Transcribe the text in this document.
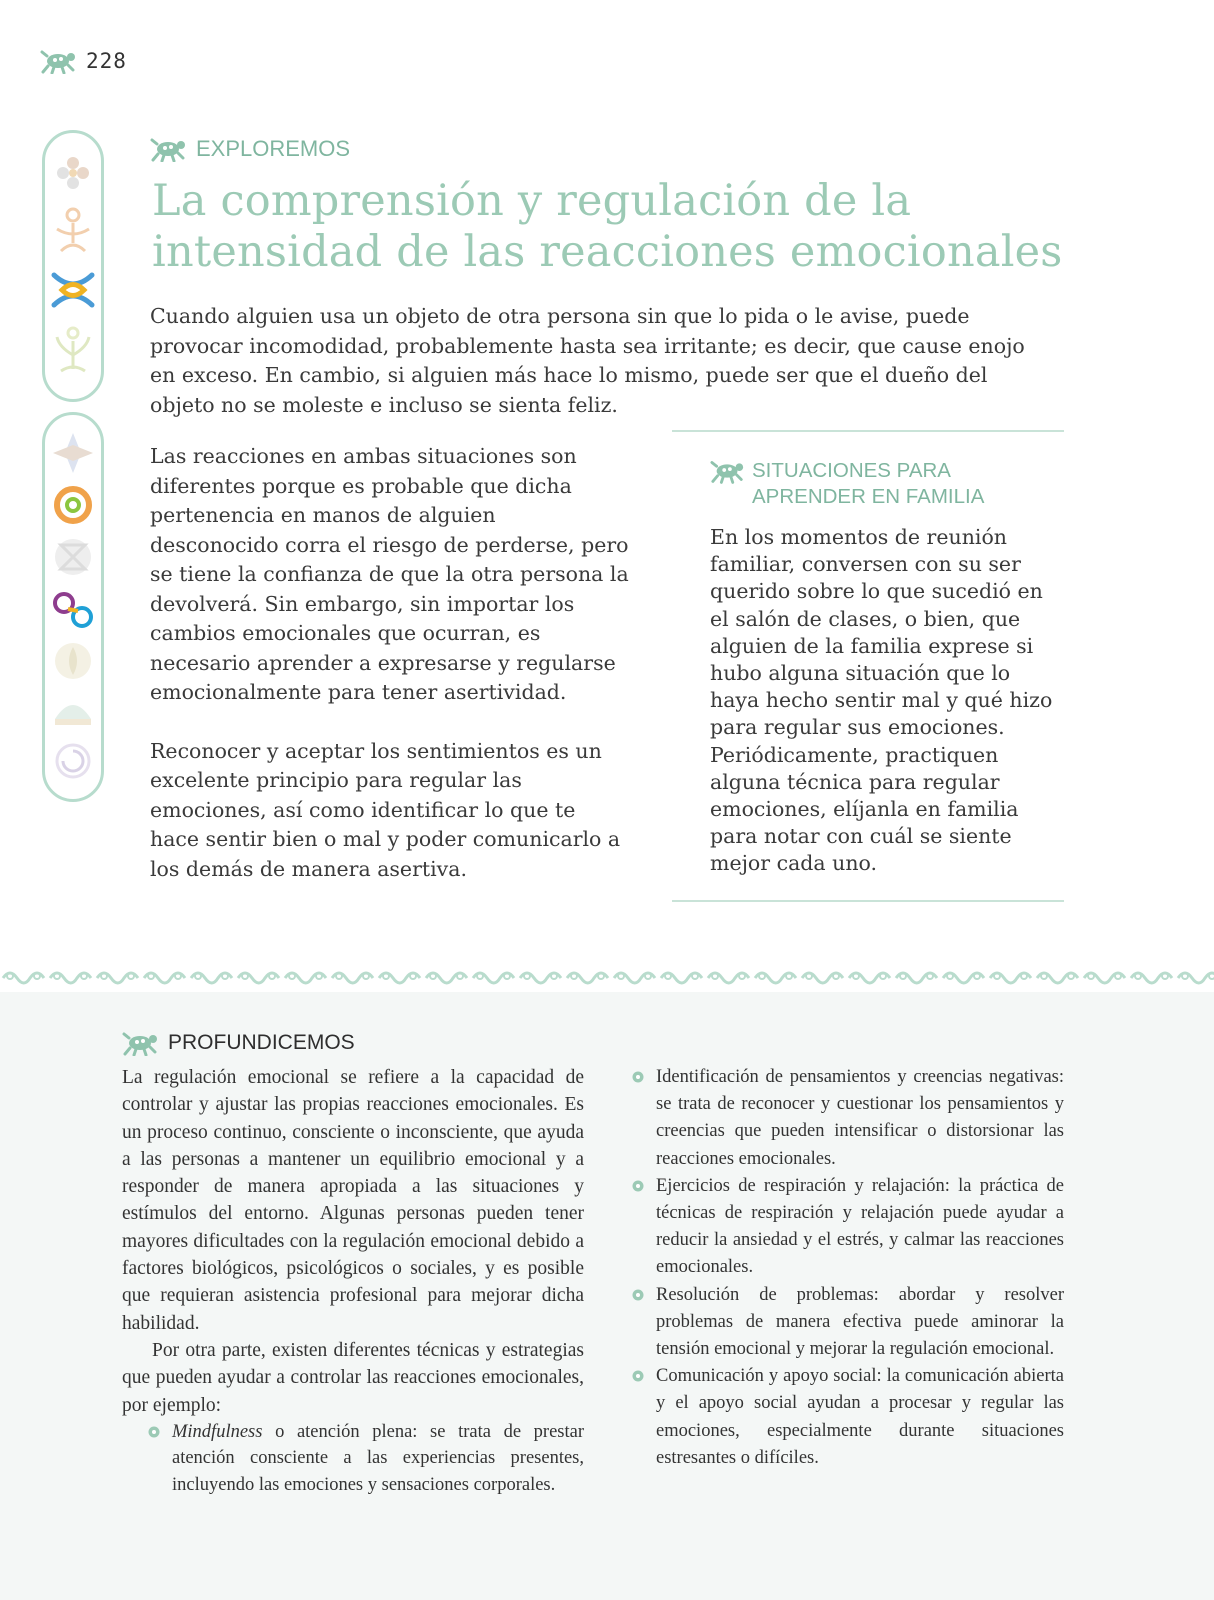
228
EXPLOREMOS
La comprensión y regulación de la intensidad de las reacciones emocionales

Cuando alguien usa un objeto de otra persona sin que lo pida o le avise, puede provocar incomodidad, probablemente hasta sea irritante; es decir, que cause enojo en exceso. En cambio, si alguien más hace lo mismo, puede ser que el dueño del objeto no se moleste e incluso se sienta feliz.

Las reacciones en ambas situaciones son diferentes porque es probable que dicha pertenencia en manos de alguien desconocido corra el riesgo de perderse, pero se tiene la confianza de que la otra persona la devolverá. Sin embargo, sin importar los cambios emocionales que ocurran, es necesario aprender a expresarse y regularse emocionalmente para tener asertividad.

Reconocer y aceptar los sentimientos es un excelente principio para regular las emociones, así como identificar lo que te hace sentir bien o mal y poder comunicarlo a los demás de manera asertiva.

SITUACIONES PARA APRENDER EN FAMILIA

En los momentos de reunión familiar, conversen con su ser querido sobre lo que sucedió en el salón de clases, o bien, que alguien de la familia exprese si hubo alguna situación que lo haya hecho sentir mal y qué hizo para regular sus emociones. Periódicamente, practiquen alguna técnica para regular emociones, elíjanla en familia para notar con cuál se siente mejor cada uno.

PROFUNDICEMOS

La regulación emocional se refiere a la capacidad de controlar y ajustar las propias reacciones emocionales. Es un proceso continuo, consciente o inconsciente, que ayuda a las personas a mantener un equilibrio emocional y a responder de manera apropiada a las situaciones y estímulos del entorno. Algunas personas pueden tener mayores dificultades con la regulación emocional debido a factores biológicos, psicológicos o sociales, y es posible que requieran asistencia profesional para mejorar dicha habilidad.

Por otra parte, existen diferentes técnicas y estrategias que pueden ayudar a controlar las reacciones emocionales, por ejemplo:

Mindfulness o atención plena: se trata de prestar atención consciente a las experiencias presentes, incluyendo las emociones y sensaciones corporales.
Identificación de pensamientos y creencias negativas: se trata de reconocer y cuestionar los pensamientos y creencias que pueden intensificar o distorsionar las reacciones emocionales.
Ejercicios de respiración y relajación: la práctica de técnicas de respiración y relajación puede ayudar a reducir la ansiedad y el estrés, y calmar las reacciones emocionales.
Resolución de problemas: abordar y resolver problemas de manera efectiva puede aminorar la tensión emocional y mejorar la regulación emocional.
Comunicación y apoyo social: la comunicación abierta y el apoyo social ayudan a procesar y regular las emociones, especialmente durante situaciones estresantes o difíciles.
